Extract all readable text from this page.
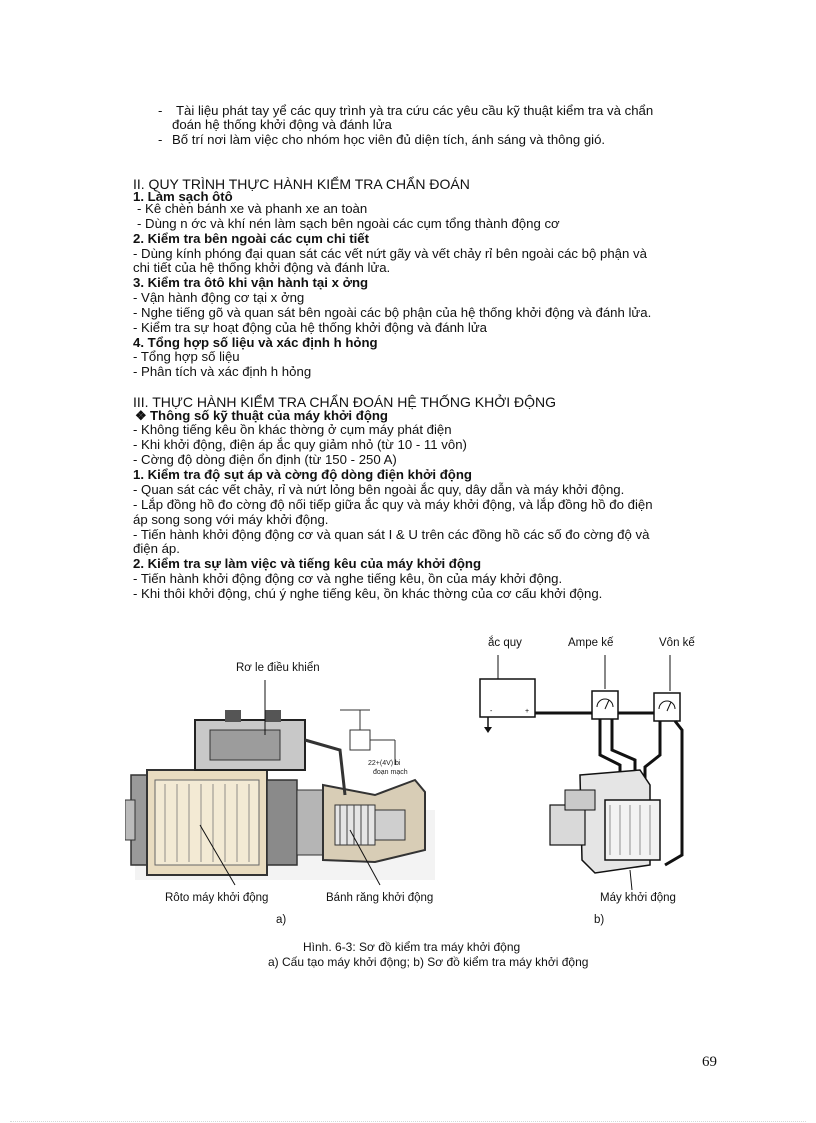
- Tài liệu phát tay yể các quy trình yà tra cứu các yêu cầu kỹ thuật kiểm tra và chẩn
đoán hệ thống khởi động và đánh lửa
- Bố trí nơi làm việc cho nhóm học viên đủ diện tích, ánh sáng và thông gió.
II. QUY TRÌNH THỰC HÀNH KIỂM TRA CHẨN ĐOÁN
1. Làm sạch ôtô
- Kê chèn bánh xe và phanh xe an toàn
- Dùng n ớc và khí nén làm sạch bên ngoài các cụm tổng thành động cơ
2. Kiểm tra bên ngoài các cụm chi tiết
- Dùng kính phóng đại quan sát các vết nứt gãy và vết chảy rỉ bên ngoài các bộ phận và
chi tiết của hệ thống khởi động và đánh lửa.
3. Kiểm tra ôtô khi vận hành tại x ởng
- Vận hành động cơ tại x ởng
- Nghe tiếng gõ và quan sát bên ngoài các bộ phận của hệ thống khởi động và đánh lửa.
- Kiểm tra sự hoạt động của hệ thống khởi động và đánh lửa
4. Tổng hợp số liệu và xác định h hỏng
- Tổng hợp số liệu
- Phân tích và xác định h hỏng
III. THỰC HÀNH KIỂM TRA CHẨN ĐOÁN HỆ THỐNG KHỞI ĐỘNG
❖ Thông số kỹ thuật của máy khởi động
- Không tiếng kêu ồn khác thờng ở cụm máy phát điện
- Khi khởi động, điện áp ắc quy giảm nhỏ (từ 10 - 11 vôn)
- Cờng độ dòng điện ổn định (từ 150 - 250 A)
1. Kiểm tra độ sụt áp và cờng độ dòng điện khởi động
- Quan sát các vết chảy, rỉ và nứt lỏng bên ngoài ắc quy, dây dẫn và máy khởi động.
- Lắp đồng hồ đo cờng độ nối tiếp giữa ắc quy và máy khởi động, và lắp đồng hồ đo điện
áp song song với máy khởi động.
- Tiến hành khởi động động cơ và quan sát I & U trên các đồng hồ các số đo cờng độ và
điện áp.
2. Kiểm tra sự làm việc và tiếng kêu của máy khởi động
- Tiến hành khởi động động cơ và nghe tiếng kêu, ồn của máy khởi động.
- Khi thôi khởi động, chú ý nghe tiếng kêu, ồn khác thờng của cơ cấu khởi động.
Rơ le điều khiển
22+(4V) bi
đoạn mạch
Rôto máy khởi động	Bánh răng khởi động
a)
ắc quy	Ampe kế	Vôn kế
-	+
Máy khởi động
b)
Hình. 6-3: Sơ đồ kiểm tra máy khởi động
a) Cấu tạo máy khởi động; b) Sơ đồ kiểm tra máy khởi động
69
